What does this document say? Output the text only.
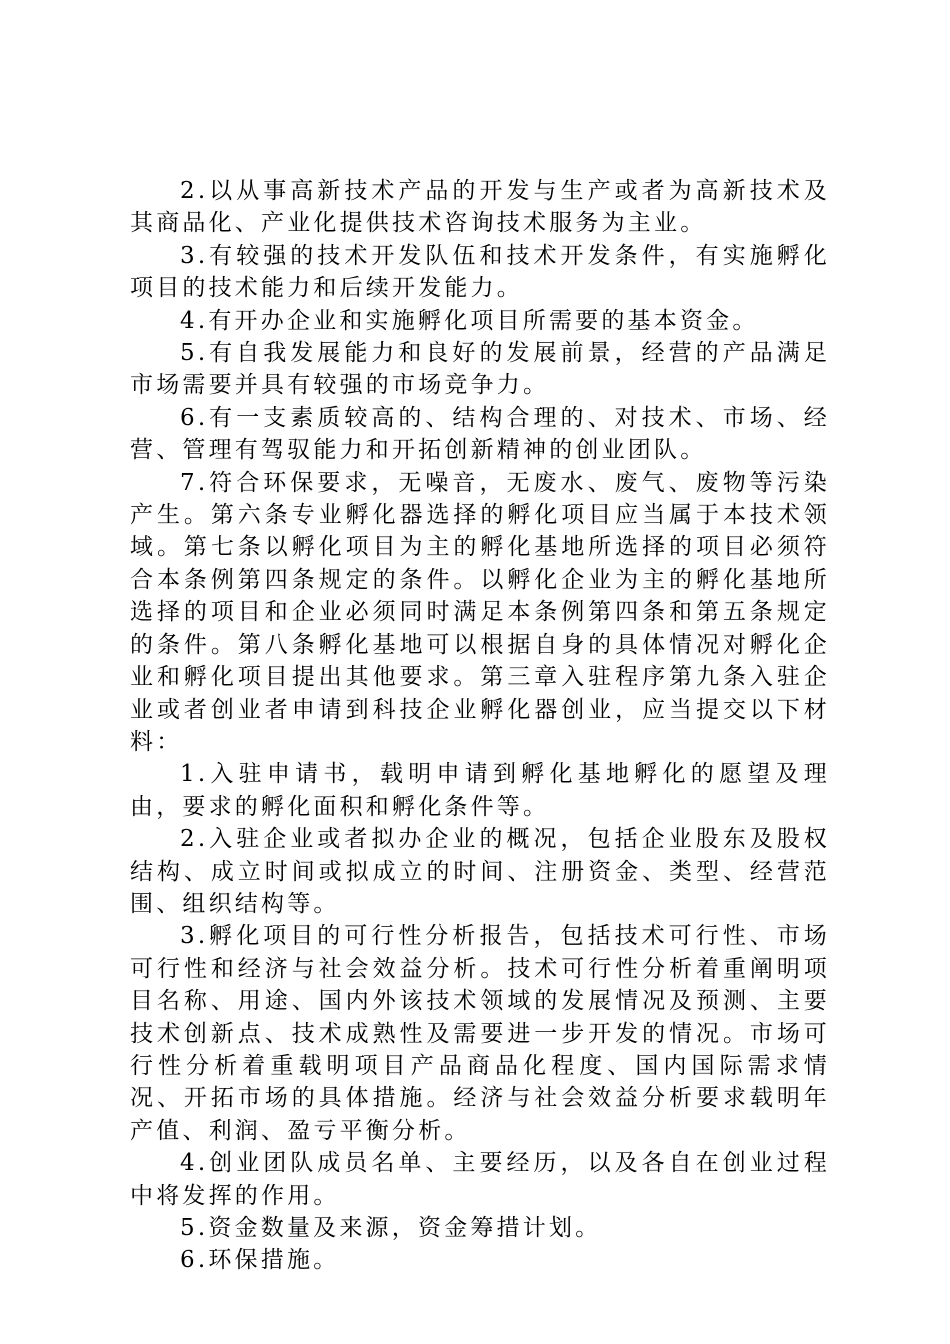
2.以从事高新技术产品的开发与生产或者为高新技术及其商品化、产业化提供技术咨询技术服务为主业。

3.有较强的技术开发队伍和技术开发条件，有实施孵化项目的技术能力和后续开发能力。

4.有开办企业和实施孵化项目所需要的基本资金。

5.有自我发展能力和良好的发展前景，经营的产品满足市场需要并具有较强的市场竞争力。

6.有一支素质较高的、结构合理的、对技术、市场、经营、管理有驾驭能力和开拓创新精神的创业团队。

7.符合环保要求，无噪音，无废水、废气、废物等污染产生。第六条专业孵化器选择的孵化项目应当属于本技术领域。第七条以孵化项目为主的孵化基地所选择的项目必须符合本条例第四条规定的条件。以孵化企业为主的孵化基地所选择的项目和企业必须同时满足本条例第四条和第五条规定的条件。第八条孵化基地可以根据自身的具体情况对孵化企业和孵化项目提出其他要求。第三章入驻程序第九条入驻企业或者创业者申请到科技企业孵化器创业，应当提交以下材料：

1.入驻申请书，载明申请到孵化基地孵化的愿望及理由，要求的孵化面积和孵化条件等。

2.入驻企业或者拟办企业的概况，包括企业股东及股权结构、成立时间或拟成立的时间、注册资金、类型、经营范围、组织结构等。

3.孵化项目的可行性分析报告，包括技术可行性、市场可行性和经济与社会效益分析。技术可行性分析着重阐明项目名称、用途、国内外该技术领域的发展情况及预测、主要技术创新点、技术成熟性及需要进一步开发的情况。市场可行性分析着重载明项目产品商品化程度、国内国际需求情况、开拓市场的具体措施。经济与社会效益分析要求载明年产值、利润、盈亏平衡分析。

4.创业团队成员名单、主要经历，以及各自在创业过程中将发挥的作用。

5.资金数量及来源，资金筹措计划。

6.环保措施。
